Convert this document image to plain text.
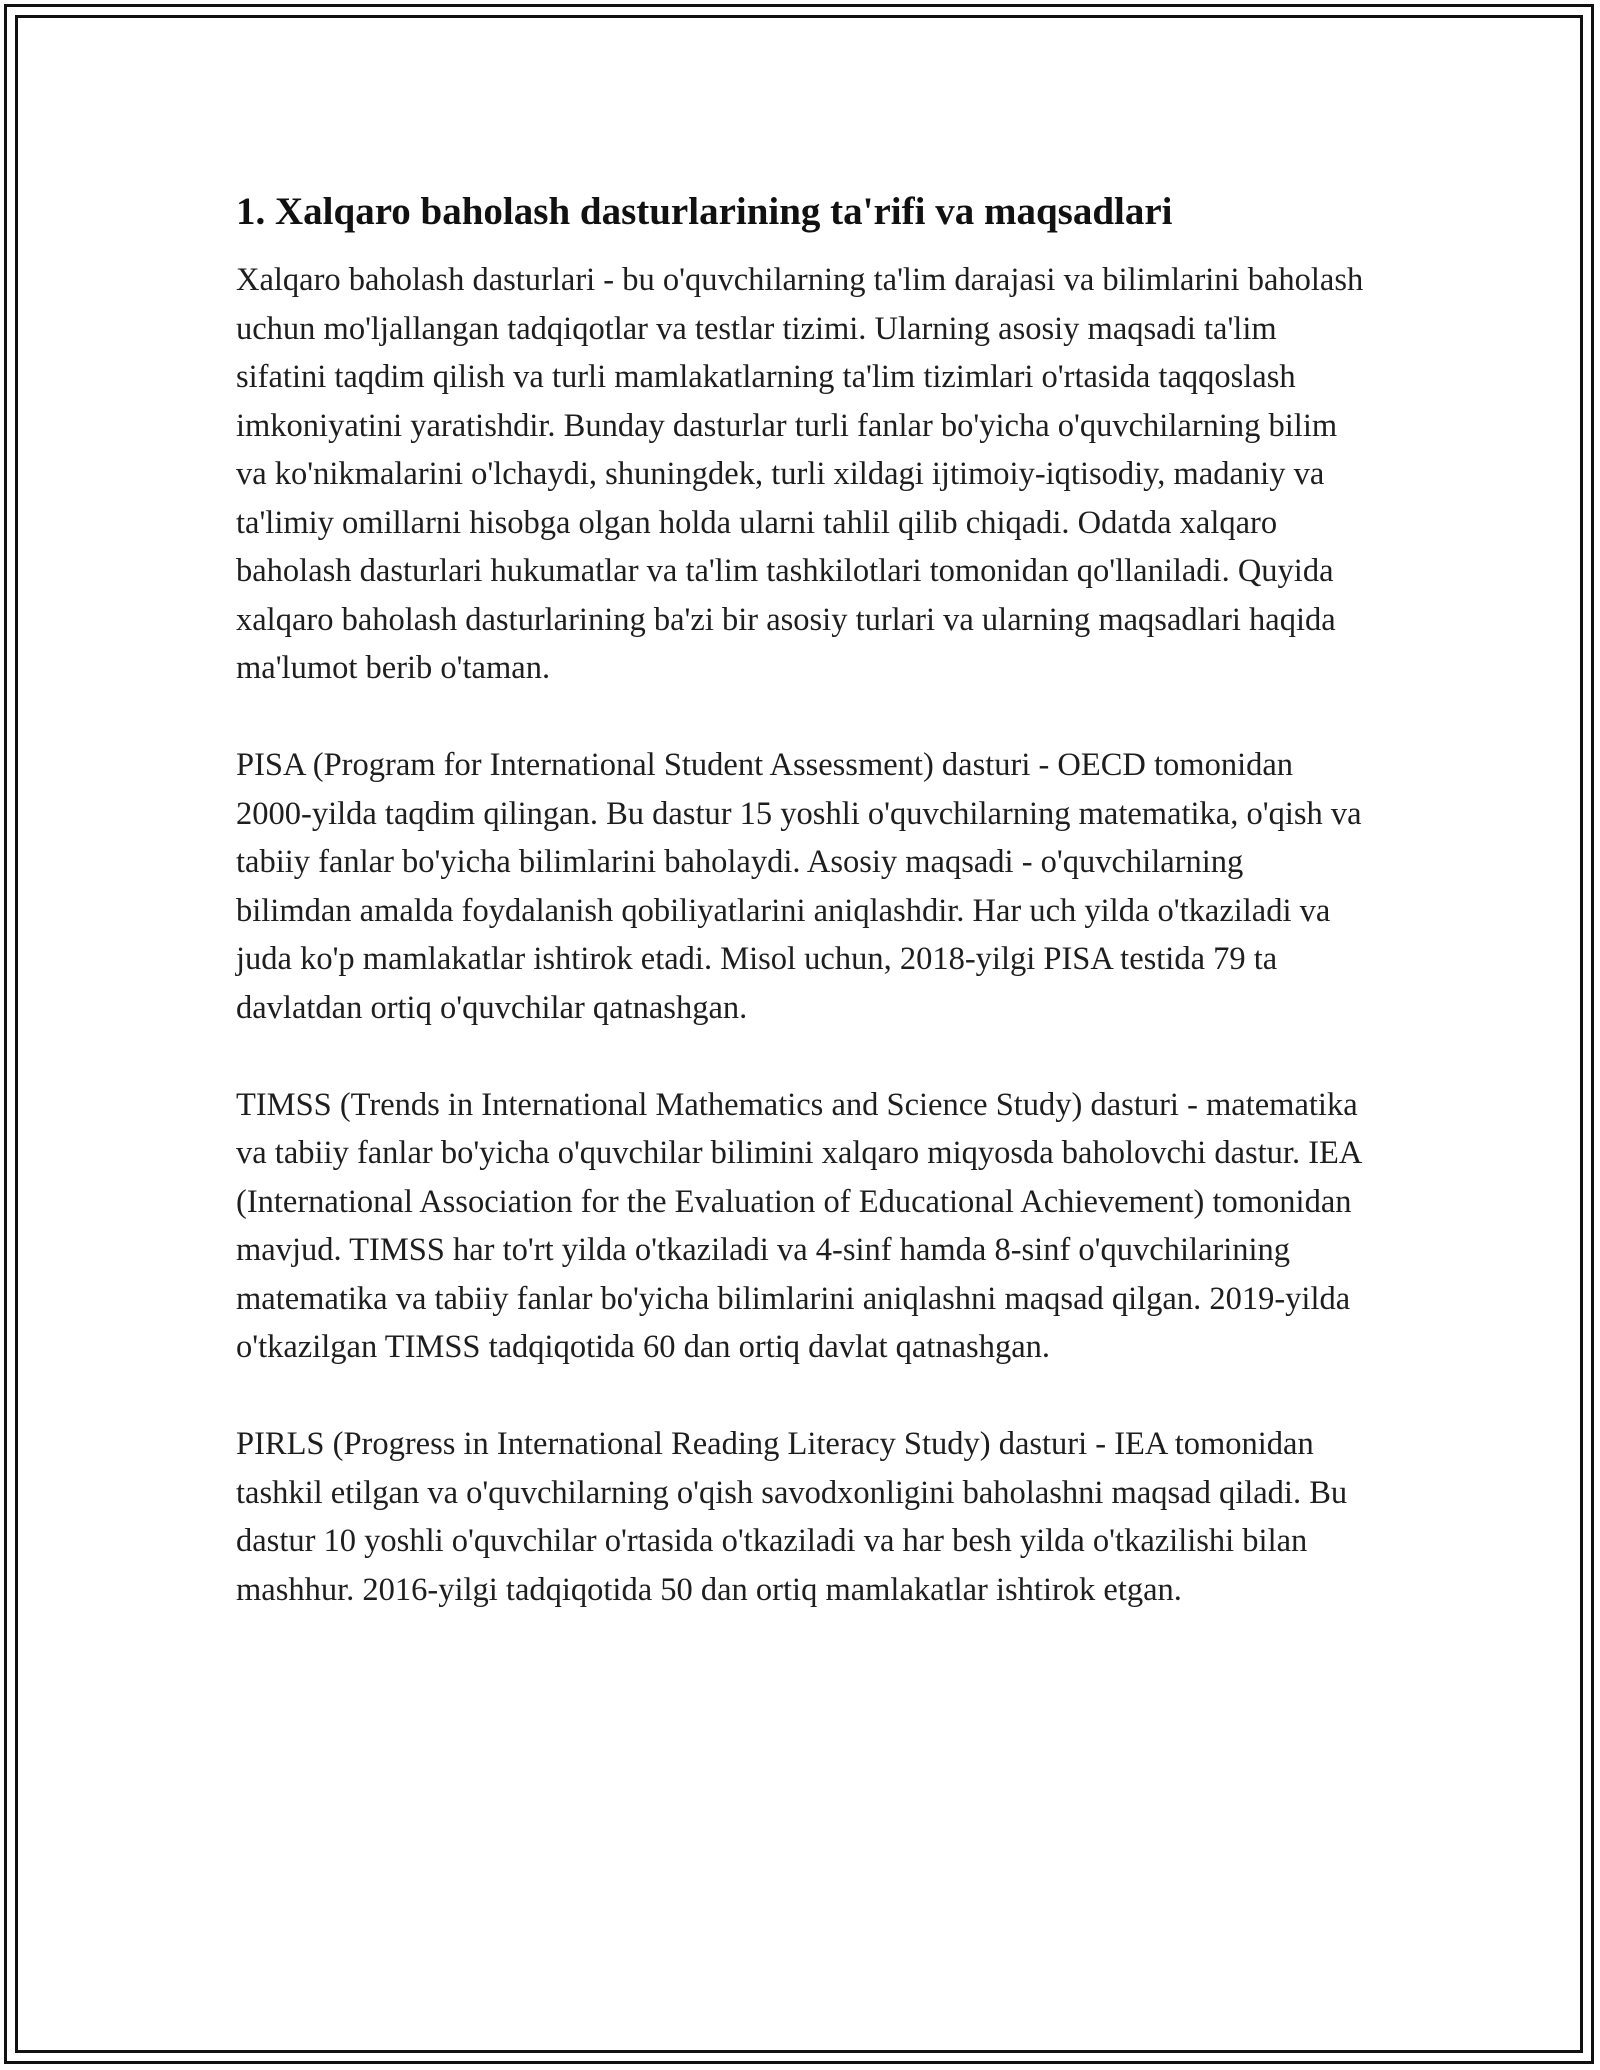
1. Xalqaro baholash dasturlarining ta'rifi va maqsadlari

Xalqaro baholash dasturlari - bu o'quvchilarning ta'lim darajasi va bilimlarini baholash uchun mo'ljallangan tadqiqotlar va testlar tizimi. Ularning asosiy maqsadi ta'lim sifatini taqdim qilish va turli mamlakatlarning ta'lim tizimlari o'rtasida taqqoslash imkoniyatini yaratishdir. Bunday dasturlar turli fanlar bo'yicha o'quvchilarning bilim va ko'nikmalarini o'lchaydi, shuningdek, turli xildagi ijtimoiy-iqtisodiy, madaniy va ta'limiy omillarni hisobga olgan holda ularni tahlil qilib chiqadi. Odatda xalqaro baholash dasturlari hukumatlar va ta'lim tashkilotlari tomonidan qo'llaniladi. Quyida xalqaro baholash dasturlarining ba'zi bir asosiy turlari va ularning maqsadlari haqida ma'lumot berib o'taman.

PISA (Program for International Student Assessment) dasturi - OECD tomonidan 2000-yilda taqdim qilingan. Bu dastur 15 yoshli o'quvchilarning matematika, o'qish va tabiiy fanlar bo'yicha bilimlarini baholaydi. Asosiy maqsadi - o'quvchilarning bilimdan amalda foydalanish qobiliyatlarini aniqlashdir. Har uch yilda o'tkaziladi va juda ko'p mamlakatlar ishtirok etadi. Misol uchun, 2018-yilgi PISA testida 79 ta davlatdan ortiq o'quvchilar qatnashgan.

TIMSS (Trends in International Mathematics and Science Study) dasturi - matematika va tabiiy fanlar bo'yicha o'quvchilar bilimini xalqaro miqyosda baholovchi dastur. IEA (International Association for the Evaluation of Educational Achievement) tomonidan mavjud. TIMSS har to'rt yilda o'tkaziladi va 4-sinf hamda 8-sinf o'quvchilarining matematika va tabiiy fanlar bo'yicha bilimlarini aniqlashni maqsad qilgan. 2019-yilda o'tkazilgan TIMSS tadqiqotida 60 dan ortiq davlat qatnashgan.

PIRLS (Progress in International Reading Literacy Study) dasturi - IEA tomonidan tashkil etilgan va o'quvchilarning o'qish savodxonligini baholashni maqsad qiladi. Bu dastur 10 yoshli o'quvchilar o'rtasida o'tkaziladi va har besh yilda o'tkazilishi bilan mashhur. 2016-yilgi tadqiqotida 50 dan ortiq mamlakatlar ishtirok etgan.
